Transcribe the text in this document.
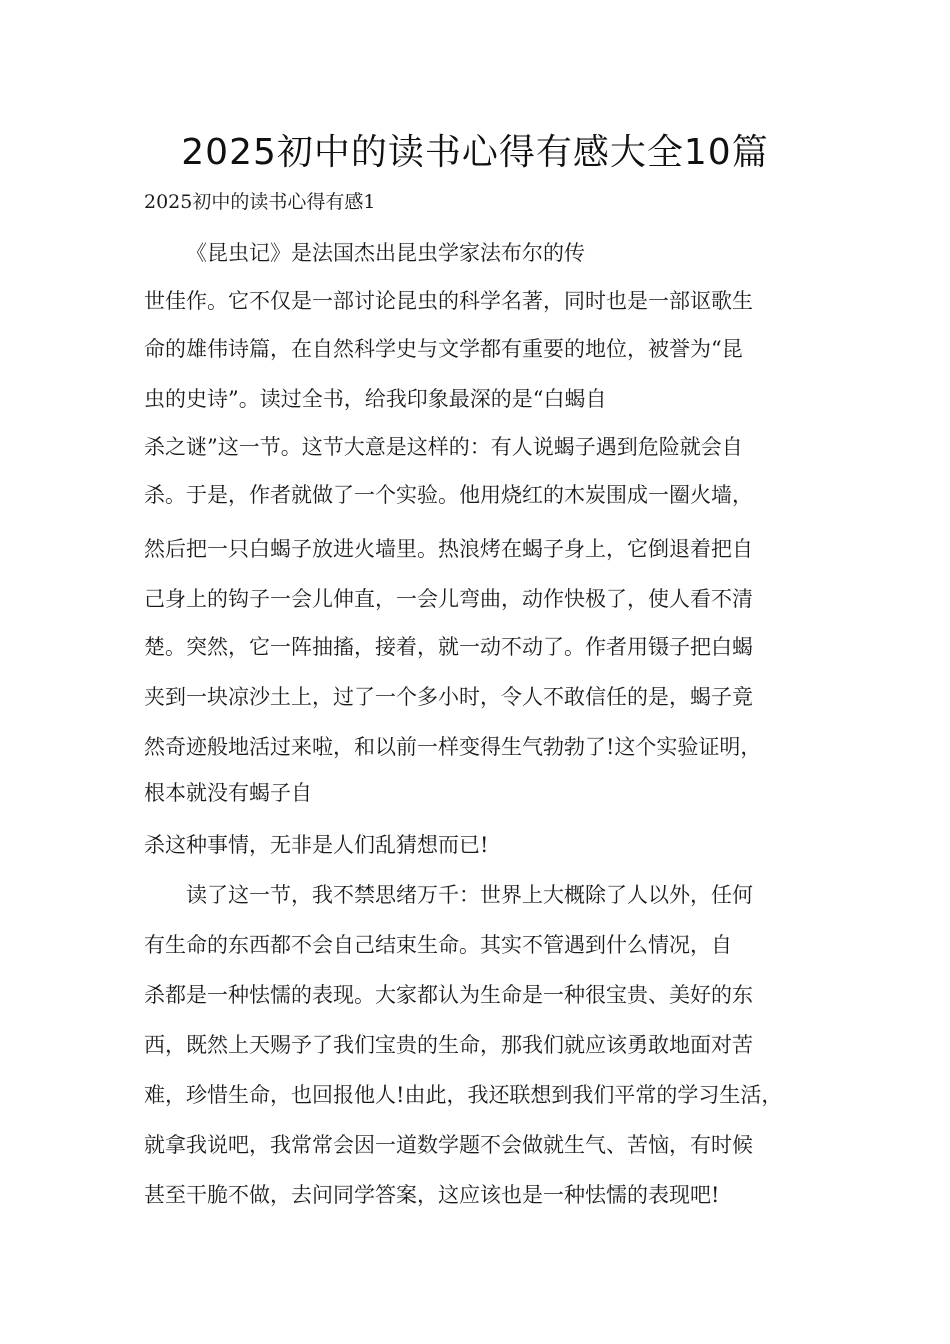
2025初中的读书心得有感大全10篇

2025初中的读书心得有感1

《昆虫记》是法国杰出昆虫学家法布尔的传

世佳作。它不仅是一部讨论昆虫的科学名著，同时也是一部讴歌生

命的雄伟诗篇，在自然科学史与文学都有重要的地位，被誉为“昆

虫的史诗”。读过全书，给我印象最深的是“白蝎自

杀之谜”这一节。这节大意是这样的：有人说蝎子遇到危险就会自

杀。于是，作者就做了一个实验。他用烧红的木炭围成一圈火墙，

然后把一只白蝎子放进火墙里。热浪烤在蝎子身上，它倒退着把自

己身上的钩子一会儿伸直，一会儿弯曲，动作快极了，使人看不清

楚。突然，它一阵抽搐，接着，就一动不动了。作者用镊子把白蝎

夹到一块凉沙土上，过了一个多小时，令人不敢信任的是，蝎子竟

然奇迹般地活过来啦，和以前一样变得生气勃勃了!这个实验证明，

根本就没有蝎子自

杀这种事情，无非是人们乱猜想而已!

读了这一节，我不禁思绪万千：世界上大概除了人以外，任何

有生命的东西都不会自己结束生命。其实不管遇到什么情况，自

杀都是一种怯懦的表现。大家都认为生命是一种很宝贵、美好的东

西，既然上天赐予了我们宝贵的生命，那我们就应该勇敢地面对苦

难，珍惜生命，也回报他人!由此，我还联想到我们平常的学习生活，

就拿我说吧，我常常会因一道数学题不会做就生气、苦恼，有时候

甚至干脆不做，去问同学答案，这应该也是一种怯懦的表现吧!
